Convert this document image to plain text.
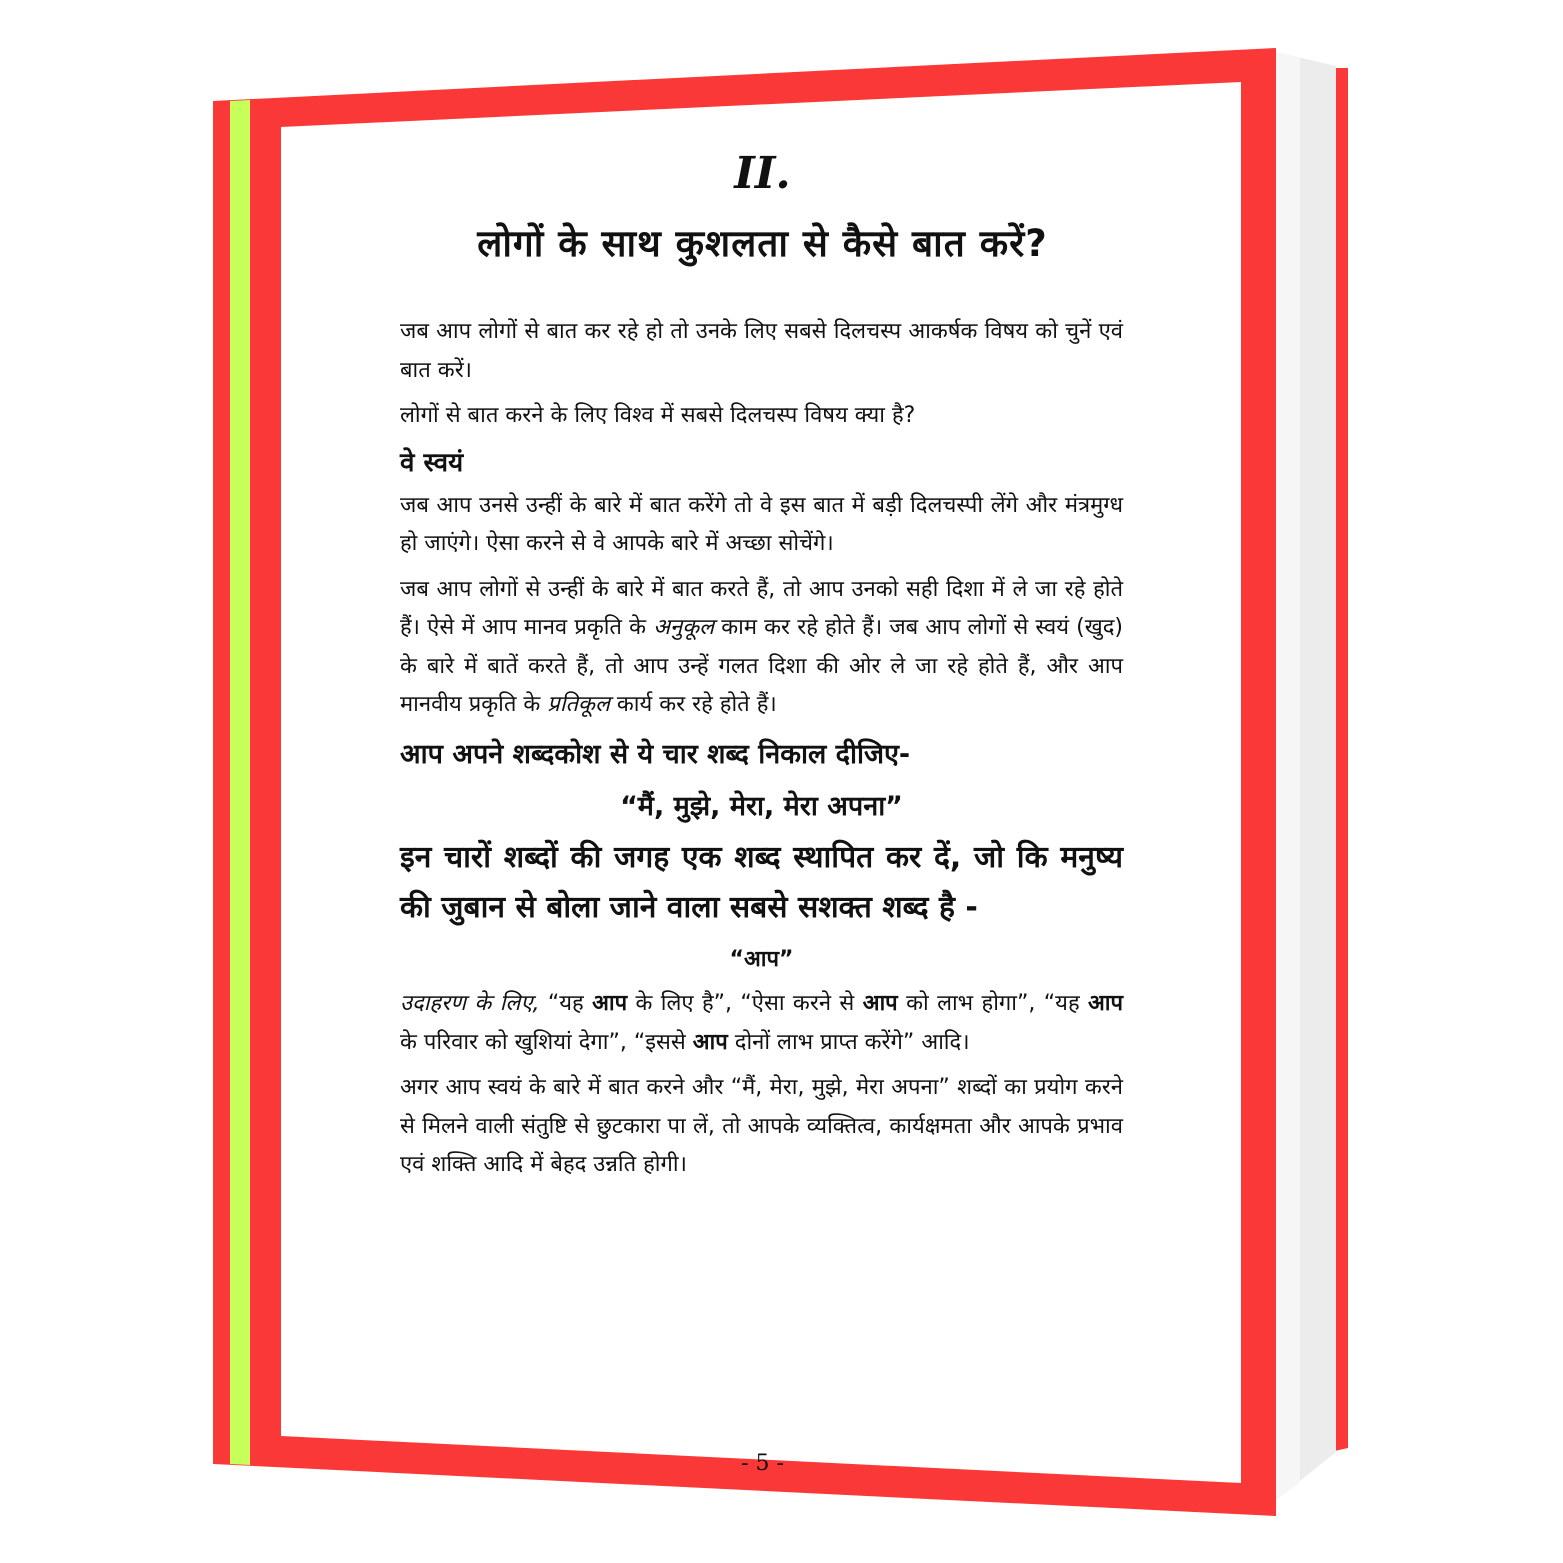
II.
लोगों के साथ कुशलता से कैसे बात करें?

जब आप लोगों से बात कर रहे हो तो उनके लिए सबसे दिलचस्प आकर्षक विषय को चुनें एवं बात करें।

लोगों से बात करने के लिए विश्व में सबसे दिलचस्प विषय क्या है?

वे स्वयं

जब आप उनसे उन्हीं के बारे में बात करेंगे तो वे इस बात में बड़ी दिलचस्पी लेंगे और मंत्रमुग्ध हो जाएंगे। ऐसा करने से वे आपके बारे में अच्छा सोचेंगे।

जब आप लोगों से उन्हीं के बारे में बात करते हैं, तो आप उनको सही दिशा में ले जा रहे होते हैं। ऐसे में आप मानव प्रकृति के अनुकूल काम कर रहे होते हैं। जब आप लोगों से स्वयं (खुद) के बारे में बातें करते हैं, तो आप उन्हें गलत दिशा की ओर ले जा रहे होते हैं, और आप मानवीय प्रकृति के प्रतिकूल कार्य कर रहे होते हैं।

आप अपने शब्दकोश से ये चार शब्द निकाल दीजिए-
“मैं, मुझे, मेरा, मेरा अपना”
इन चारों शब्दों की जगह एक शब्द स्थापित कर दें, जो कि मनुष्य की जुबान से बोला जाने वाला सबसे सशक्त शब्द है -
“आप”

उदाहरण के लिए, “यह आप के लिए है”, “ऐसा करने से आप को लाभ होगा”, “यह आप के परिवार को खुशियां देगा”, “इससे आप दोनों लाभ प्राप्त करेंगे” आदि।

अगर आप स्वयं के बारे में बात करने और “मैं, मेरा, मुझे, मेरा अपना” शब्दों का प्रयोग करने से मिलने वाली संतुष्टि से छुटकारा पा लें, तो आपके व्यक्तित्व, कार्यक्षमता और आपके प्रभाव एवं शक्ति आदि में बेहद उन्नति होगी।

- 5 -
